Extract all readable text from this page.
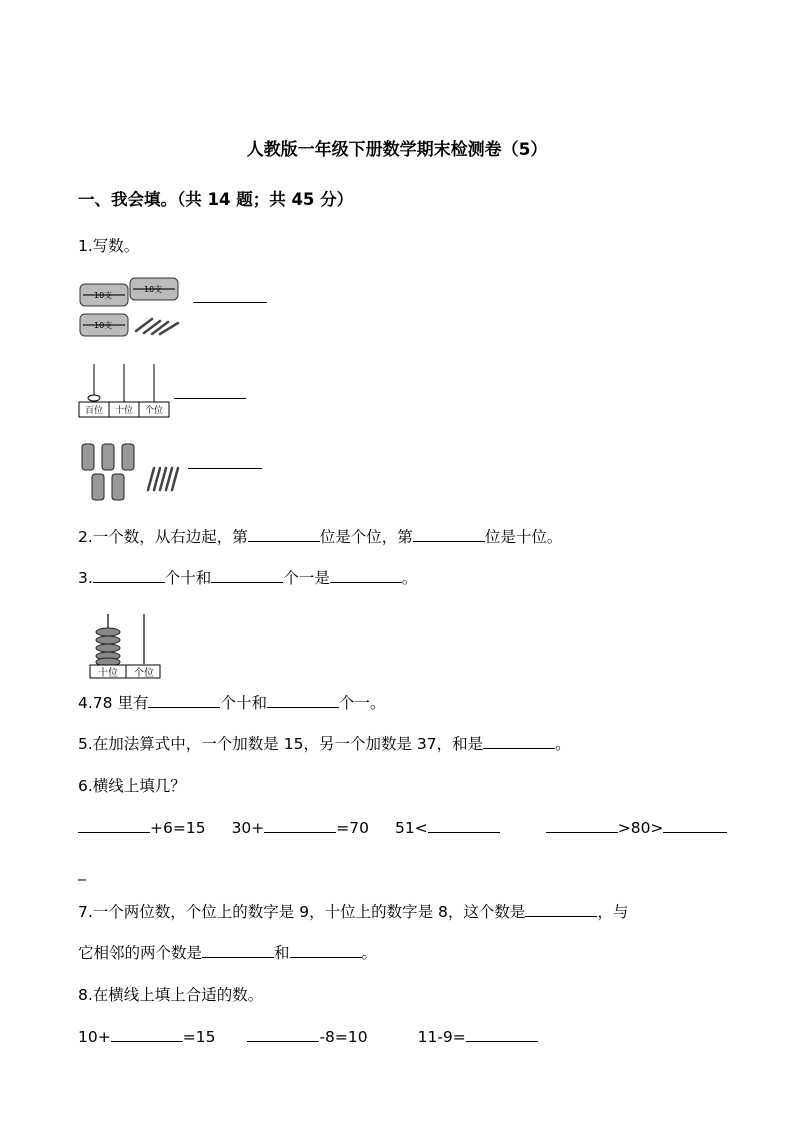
人教版一年级下册数学期末检测卷（5）
一、我会填。（共 14 题；共 45 分）
1.写数。
10支
10支
10支
百位 十位 个位
2.一个数，从右边起，第	位是个位，第	位是十位。
3.	个十和	个一是	。
十位 个位
4.78 里有	个十和	个一。
5.在加法算式中，一个加数是 15，另一个加数是 37，和是	。
6.横线上填几？
+6=15 30+	=70 51<	>80>
_
7.一个两位数，个位上的数字是 9，十位上的数字是 8，这个数是	，与
它相邻的两个数是	和	。
8.在横线上填上合适的数。
10+	=15	-8=10	11-9=
